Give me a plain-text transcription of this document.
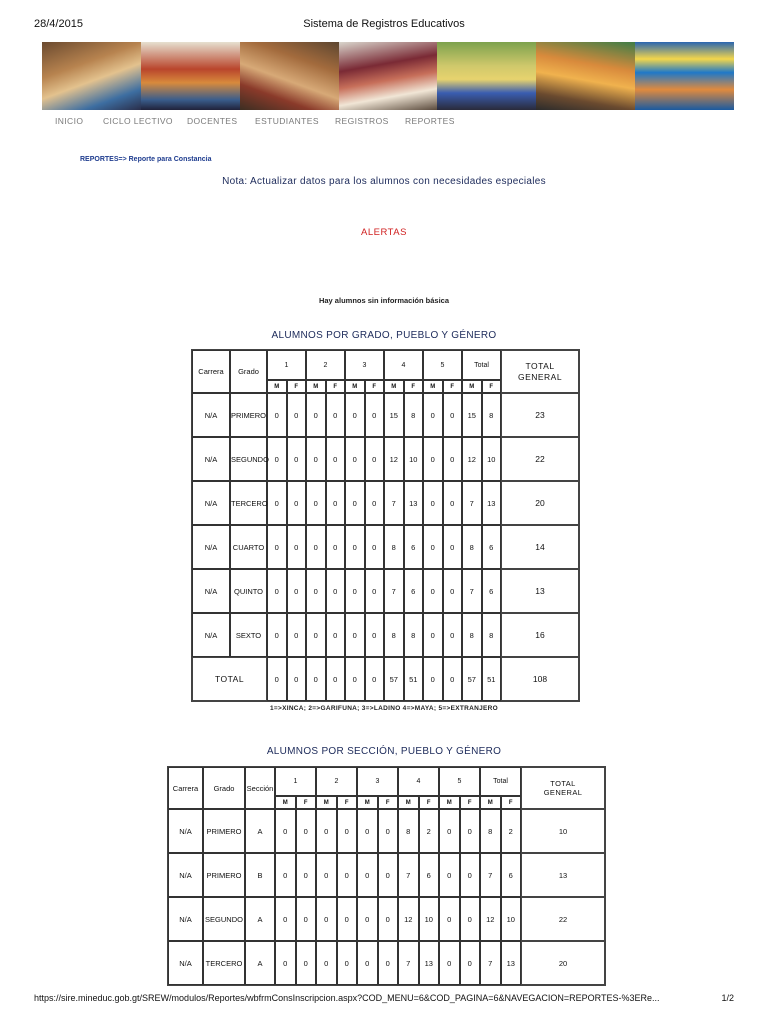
28/4/2015	Sistema de Registros Educativos
INICIO	CICLO LECTIVO	DOCENTES	ESTUDIANTES	REGISTROS	REPORTES
REPORTES=> Reporte para Constancia
Nota: Actualizar datos para los alumnos con necesidades especiales
ALERTAS
Hay alumnos sin información básica
ALUMNOS POR GRADO, PUEBLO Y GÉNERO
Carrera	Grado	1		2		3		4		5		Total		TOTAL
GENERAL
		M	F	M	F	M	F	M	F	M	F	M	F	
N/A	PRIMERO	0	0	0	0	0	0	15	8	0	0	15	8	23
N/A	SEGUNDO	0	0	0	0	0	0	12	10	0	0	12	10	22
N/A	TERCERO	0	0	0	0	0	0	7	13	0	0	7	13	20
N/A	CUARTO	0	0	0	0	0	0	8	6	0	0	8	6	14
N/A	QUINTO	0	0	0	0	0	0	7	6	0	0	7	6	13
N/A	SEXTO	0	0	0	0	0	0	8	8	0	0	8	8	16
TOTAL		0	0	0	0	0	0	57	51	0	0	57	51	108
1=>XINCA; 2=>GARIFUNA; 3=>LADINO 4=>MAYA; 5=>EXTRANJERO
ALUMNOS POR SECCIÓN, PUEBLO Y GÉNERO
Carrera	Grado	Sección	1		2		3		4		5		Total		TOTAL
GENERAL
			M	F	M	F	M	F	M	F	M	F	M	F	
N/A	PRIMERO	A	0	0	0	0	0	0	8	2	0	0	8	2	10
N/A	PRIMERO	B	0	0	0	0	0	0	7	6	0	0	7	6	13
N/A	SEGUNDO	A	0	0	0	0	0	0	12	10	0	0	12	10	22
N/A	TERCERO	A	0	0	0	0	0	0	7	13	0	0	7	13	20
https://sire.mineduc.gob.gt/SREW/modulos/Reportes/wbfrmConsInscripcion.aspx?COD_MENU=6&COD_PAGINA=6&NAVEGACION=REPORTES-%3ERe...	1/2
